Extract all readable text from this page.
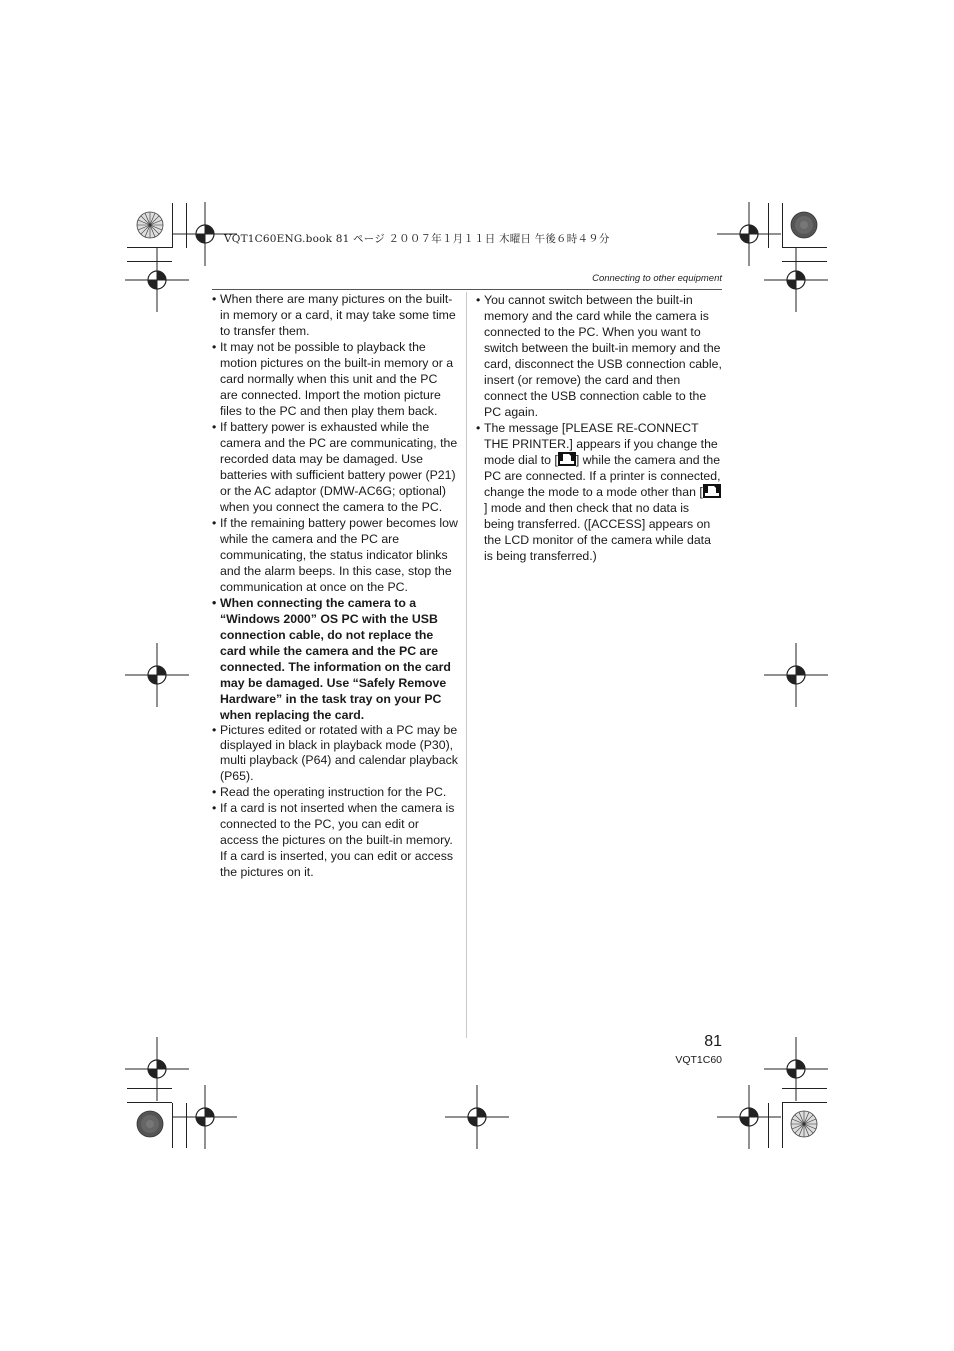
VQT1C60ENG.book 81 ページ ２００７年１月１１日 木曜日 午後６時４９分
Connecting to other equipment

• When there are many pictures on the built-in memory or a card, it may take some time to transfer them.

• It may not be possible to playback the motion pictures on the built-in memory or a card normally when this unit and the PC are connected. Import the motion picture files to the PC and then play them back.

• If battery power is exhausted while the camera and the PC are communicating, the recorded data may be damaged. Use batteries with sufficient battery power (P21) or the AC adaptor (DMW-AC6G; optional) when you connect the camera to the PC.

• If the remaining battery power becomes low while the camera and the PC are communicating, the status indicator blinks and the alarm beeps. In this case, stop the communication at once on the PC.

• When connecting the camera to a “Windows 2000” OS PC with the USB connection cable, do not replace the card while the camera and the PC are connected. The information on the card may be damaged. Use “Safely Remove Hardware” in the task tray on your PC when replacing the card.

• Pictures edited or rotated with a PC may be displayed in black in playback mode (P30), multi playback (P64) and calendar playback (P65).

• Read the operating instruction for the PC.

• If a card is not inserted when the camera is connected to the PC, you can edit or access the pictures on the built-in memory. If a card is inserted, you can edit or access the pictures on it.

• You cannot switch between the built-in memory and the card while the camera is connected to the PC. When you want to switch between the built-in memory and the card, disconnect the USB connection cable, insert (or remove) the card and then connect the USB connection cable to the PC again.

• The message [PLEASE RE-CONNECT THE PRINTER.] appears if you change the mode dial to [ ] while the camera and the PC are connected. If a printer is connected, change the mode to a mode other than [] mode and then check that no data is being transferred. ([ACCESS] appears on the LCD monitor of the camera while data is being transferred.)

81
VQT1C60
